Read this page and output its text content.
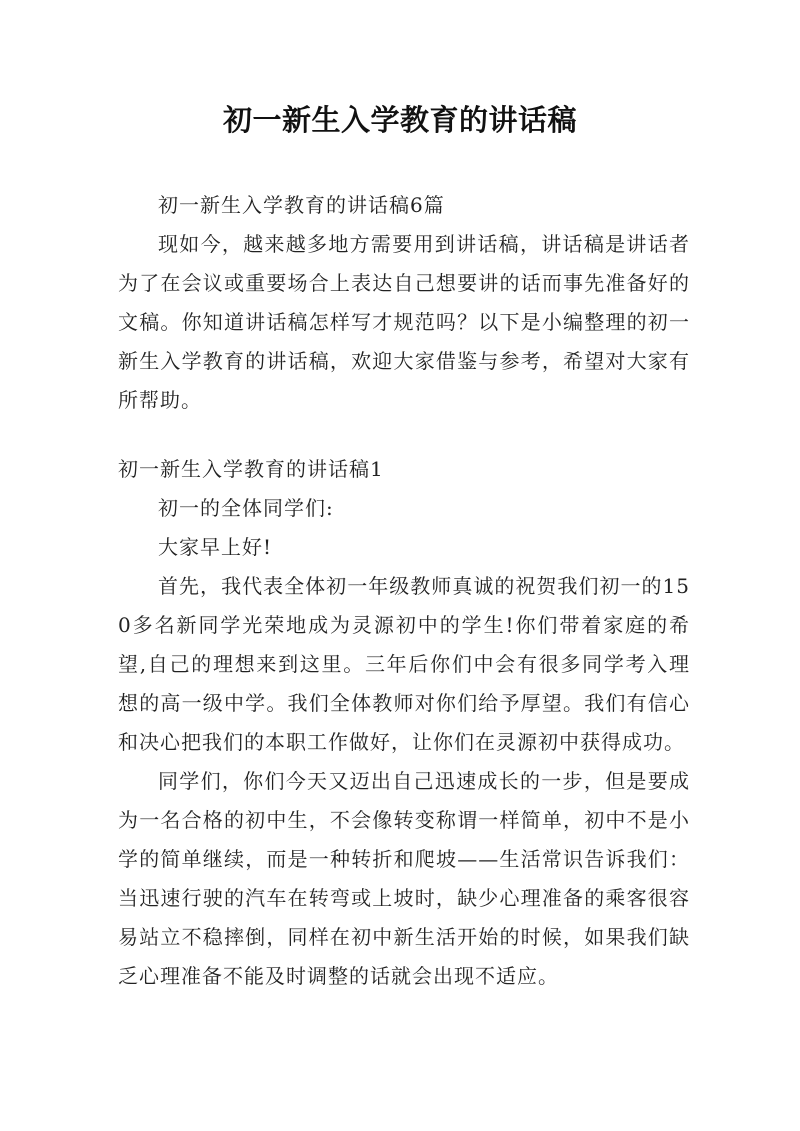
初一新生入学教育的讲话稿

初一新生入学教育的讲话稿6篇

现如今，越来越多地方需要用到讲话稿，讲话稿是讲话者为了在会议或重要场合上表达自己想要讲的话而事先准备好的文稿。你知道讲话稿怎样写才规范吗？以下是小编整理的初一新生入学教育的讲话稿，欢迎大家借鉴与参考，希望对大家有所帮助。

初一新生入学教育的讲话稿1

初一的全体同学们:

大家早上好!

首先，我代表全体初一年级教师真诚的祝贺我们初一的150多名新同学光荣地成为灵源初中的学生!你们带着家庭的希望,自己的理想来到这里。三年后你们中会有很多同学考入理想的高一级中学。我们全体教师对你们给予厚望。我们有信心和决心把我们的本职工作做好，让你们在灵源初中获得成功。

同学们，你们今天又迈出自己迅速成长的一步，但是要成为一名合格的初中生，不会像转变称谓一样简单，初中不是小学的简单继续，而是一种转折和爬坡——生活常识告诉我们：当迅速行驶的汽车在转弯或上坡时，缺少心理准备的乘客很容易站立不稳摔倒，同样在初中新生活开始的时候，如果我们缺乏心理准备不能及时调整的话就会出现不适应。
